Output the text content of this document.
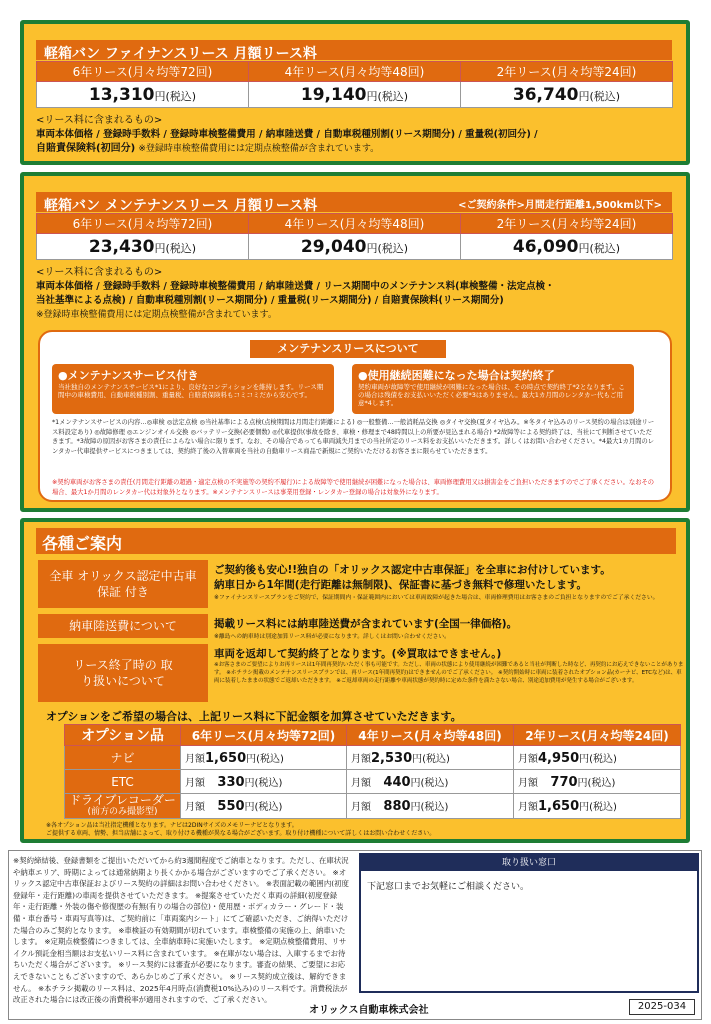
軽箱バン ファイナンスリース 月額リース料
6年リース(月々均等72回)	4年リース(月々均等48回)	2年リース(月々均等24回)
13,310円(税込)	19,140円(税込)	36,740円(税込)
<リース料に含まれるもの>
車両本体価格 / 登録時手数料 / 登録時車検整備費用 / 納車陸送費 / 自動車税種別割(リース期間分) / 重量税(初回分) /
自賠責保険料(初回分) ※登録時車検整備費用には定期点検整備が含まれています。
軽箱バン メンテナンスリース 月額リース料	<ご契約条件>月間走行距離1,500km以下>
6年リース(月々均等72回)	4年リース(月々均等48回)	2年リース(月々均等24回)
23,430円(税込)	29,040円(税込)	46,090円(税込)
<リース料に含まれるもの>
車両本体価格 / 登録時手数料 / 登録時車検整備費用 / 納車陸送費 / リース期間中のメンテナンス料(車検整備・法定点検・
当社基準による点検) / 自動車税種別割(リース期間分) / 重量税(リース期間分) / 自賠責保険料(リース期間分)
※登録時車検整備費用には定期点検整備が含まれています。
メンテナンスリースについて
●メンテナンスサービス付き
当社独自のメンテナンスサービス*1により、良好なコンディションを維持します。リース期間中の車検費用、自動車税種別割、重量税、自賠責保険料もコミコミだから安心です。
●使用継続困難になった場合は契約終了
契約車両が故障等で使用継続が困難になった場合は、その時点で契約終了*2となります。この場合は残債をお支払いいただく必要*3はありません。最大1カ月間のレンタカー代もご用意*4します。
*1メンテナンスサービスの内容…◎車検 ◎法定点検 ◎当社基準による点検(点検期間は月間走行距離による) ◎一般整備…一般消耗品交換 ◎タイヤ交換(夏タイヤ込み。※冬タイヤ込みのリース契約の場合は別途リース料設定あり) ◎故障修理 ◎エンジンオイル交換 ◎バッテリー交換(必要個数) ◎代車提供(事故を除き、車検・修理まで48時間以上の所要が見込まれる場合) *2故障等による契約終了は、当社にて判断させていただきます。*3故障の原因がお客さまの責任によらない場合に限ります。なお、その場合であっても車両減失月までの当社所定のリース料をお支払いいただきます。詳しくはお問い合わせください。*4最大1カ月間のレンタカー代車提供サービスにつきましては、契約終了後の入替車両を当社の自動車リース商品で新規にご契約いただけるお客さまに限らせていただきます。
※契約車両がお客さまの責任(月間走行距離の超過・適定点検の不実施等の契約不履行)による故障等で使用継続が困難になった場合は、車両修理費用又は損害金をご負担いただきますのでご了承ください。なおその場合、最大1か月間のレンタカー代は対象外となります。※メンテナンスリースは事業用登録・レンタカー登録の場合は対象外になります。
各種ご案内
全車 オリックス認定中古車保証 付き
ご契約後も安心!!独自の「オリックス認定中古車保証」を全車にお付けしています。
納車日から1年間(走行距離は無制限)、保証書に基づき無料で修理いたします。
※ファイナンスリースプランをご契約で、保証期間内・保証範囲内においては車両故障が起きた場合は、車両修理費用はお客さまのご負担となりますのでご了承ください。
納車陸送費について	掲載リース料には納車陸送費が含まれています(全国一律価格)。
※離島への納車時は別途加算リース料が必要になります。詳しくはお問い合わせください。
リース終了時の 取り扱いについて
車両を返却して契約終了となります。(※買取はできません。)
※お客さまのご要望によりお再リースは1年間再契約いただく事も可能です。ただし、車両の状態により使用継続が困難であると当社が判断した時など、再契約にお応えできないことがあります。 ※ホチラシ掲載のメンテナンスリースプランでは、再リース(1年間再契約)はできませんのでご了承ください。 ※契約開始時に車両に装着されたオプション品(カーナビ、ETCなど)は、車両に装着したままの状態でご返却いただきます。 ※ご返却車両の走行距離や車両状態が契約時に定めた条件を満たさない場合、別途追加費用が発生する場合がございます。
オプションをご希望の場合は、上記リース料に下記金額を加算させていただきます。
オプション品	6年リース(月々均等72回)	4年リース(月々均等48回)	2年リース(月々均等24回)
ナビ	月額1,650円(税込)	月額2,530円(税込)	月額4,950円(税込)
ETC	月額 330円(税込)	月額 440円(税込)	月額 770円(税込)

ドライブレコーダー
(前方のみ撮影型)	月額 550円(税込)	月額 880円(税込)	月額1,650円(税込)
※各オプション品は当社指定機種となります。ナビは2DINサイズのメモリーナビとなります。
ご提供する車両、情勢、担当店舗によって、取り付ける機種が異なる場合がございます。取り付け機種について詳しくはお問い合わせください。
※契約締結後、登録書類をご提出いただいてから約3週間程度でご納車となります。ただし、在庫状況や納車エリア、時期によっては通常納期より長くかかる場合がございますのでご了承ください。 ※オリックス認定中古車保証およびリース契約の詳細はお問い合わせください。 ※表面記載の範囲内(初度登録年・走行距離)の車両を提供させていただきます。 ※提案させていただく車両の詳細(初度登録年・走行距離・外装の傷や修復歴の有無(有りの場合の部位)・使用歴・ボディカラー・グレード・装備・車台番号・車両写真等)は、ご契約前に「車両案内シート」にてご確認いただき、ご納得いただけた場合のみご契約となります。 ※車検証の有効期間が切れています。車検整備の実施の上、納車いたします。 ※定期点検整備につきましては、全車納車時に実施いたします。 ※定期点検整備費用、リサイクル預託金相当額はお支払いリース料に含まれています。 ※在庫がない場合は、入庫するまでお待ちいただく場合がございます。 ※リース契約には審査が必要になります。審査の結果、ご要望にお応えできないこともございますので、あらかじめご了承ください。 ※リース契約成立後は、解約できません。 ※本チラシ掲載のリース料は、2025年4月時点(消費税10%込み)のリース料です。消費税法が改正された場合には改正後の消費税率が適用されますので、ご了承ください。
取り扱い窓口
下記窓口までお気軽にご相談ください。
オリックス自動車株式会社	2025-034
